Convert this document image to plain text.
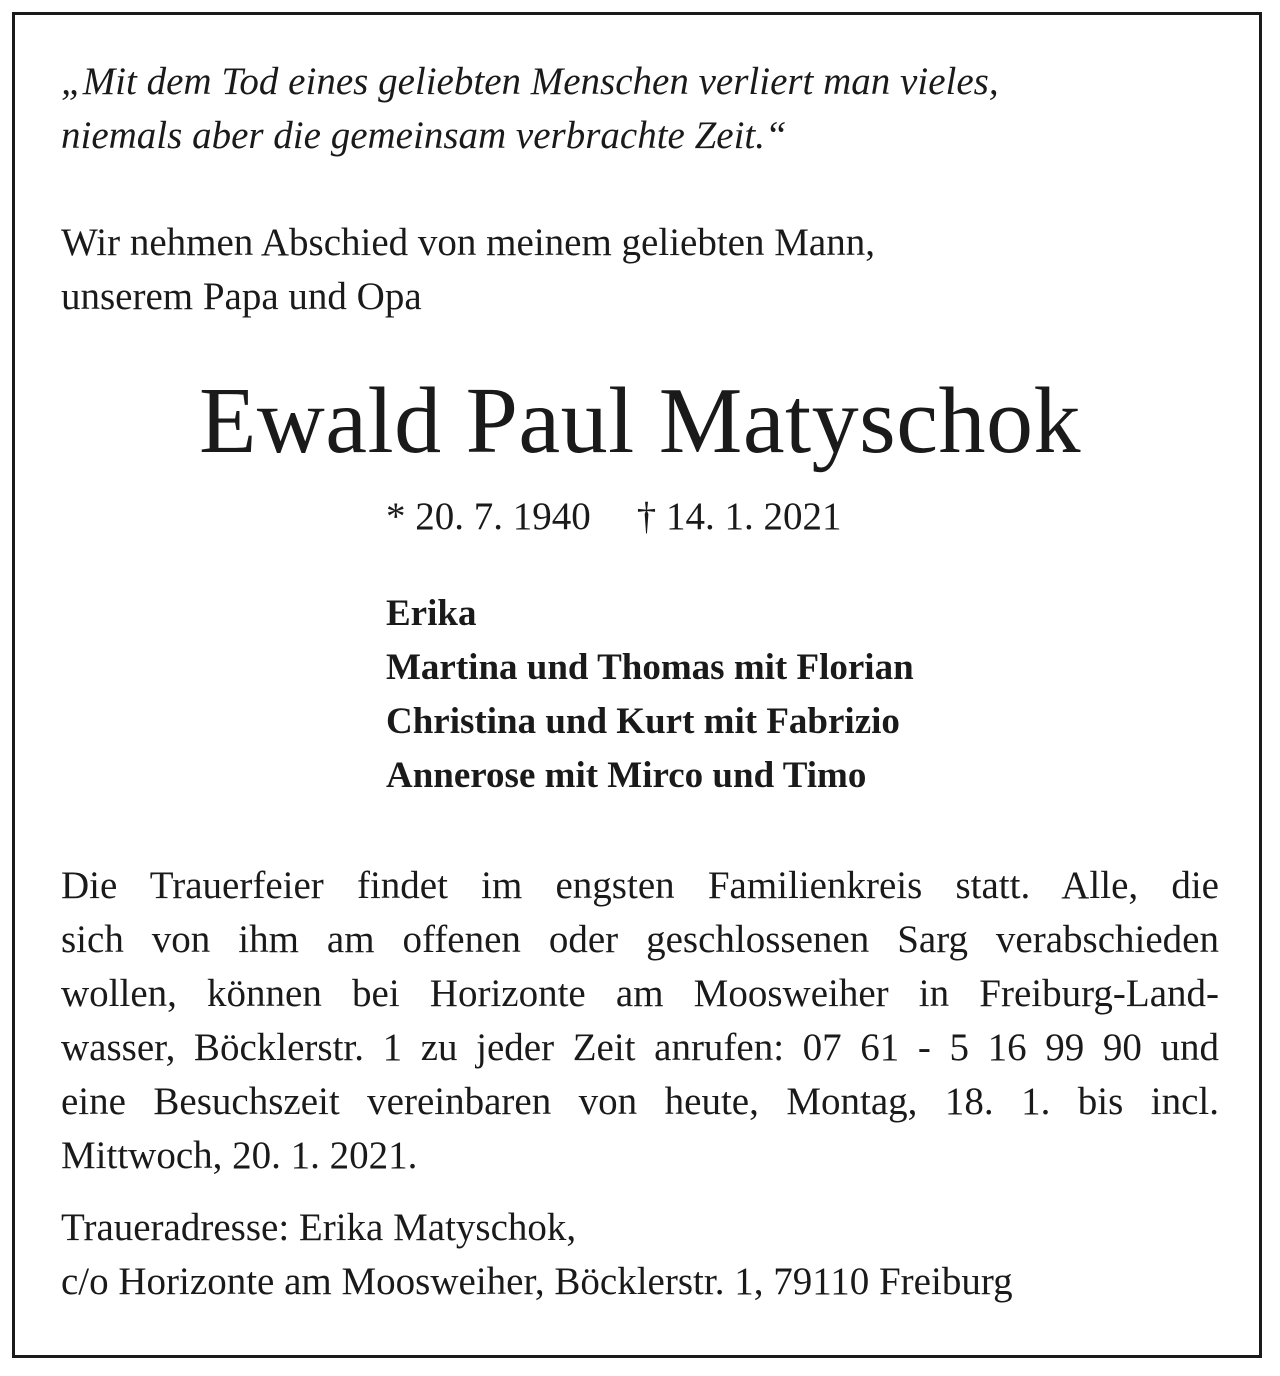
„Mit dem Tod eines geliebten Menschen verliert man vieles,
niemals aber die gemeinsam verbrachte Zeit.“
Wir nehmen Abschied von meinem geliebten Mann,
unserem Papa und Opa
Ewald Paul Matyschok
* 20. 7. 1940 † 14. 1. 2021
Erika
Martina und Thomas mit Florian
Christina und Kurt mit Fabrizio
Annerose mit Mirco und Timo
Die Trauerfeier findet im engsten Familienkreis statt. Alle, die
sich von ihm am offenen oder geschlossenen Sarg verabschieden
wollen, können bei Horizonte am Moosweiher in Freiburg-Land-
wasser, Böcklerstr. 1 zu jeder Zeit anrufen: 07 61 - 5 16 99 90 und
eine Besuchszeit vereinbaren von heute, Montag, 18. 1. bis incl.
Mittwoch, 20. 1. 2021.
Traueradresse: Erika Matyschok,
c/o Horizonte am Moosweiher, Böcklerstr. 1, 79110 Freiburg
